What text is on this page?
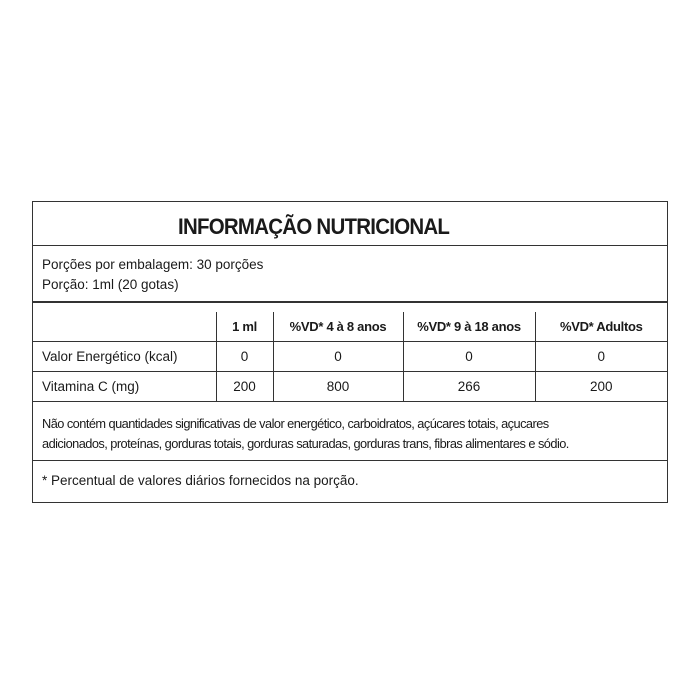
INFORMAÇÃO NUTRICIONAL
Porções por embalagem: 30 porções
Porção: 1ml (20 gotas)
	1 ml	%VD* 4 à 8 anos	%VD* 9 à 18 anos	%VD* Adultos
Valor Energético (kcal)	0	0	0	0
Vitamina C (mg)	200	800	266	200
Não contém quantidades significativas de valor energético, carboidratos, açúcares totais, açucares
adicionados, proteínas, gorduras totais, gorduras saturadas, gorduras trans, fibras alimentares e sódio.
* Percentual de valores diários fornecidos na porção.
